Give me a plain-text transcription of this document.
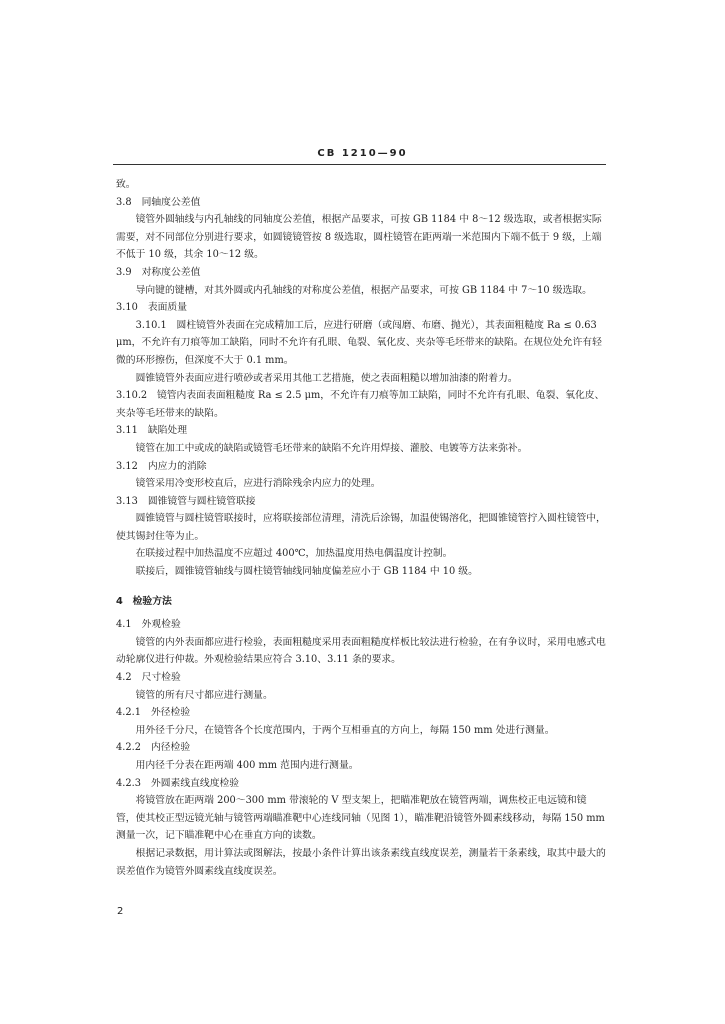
CB 1210—90

致。

3.8 同轴度公差值

镜管外圆轴线与内孔轴线的同轴度公差值，根据产品要求，可按 GB 1184 中 8～12 级选取，或者根据实际需要，对不同部位分别进行要求，如圆镜镜管按 8 级选取，圆柱镜管在距两端一米范围内下端不低于 9 级，上端不低于 10 级，其余 10～12 级。

3.9 对称度公差值

导向键的键槽，对其外圆或内孔轴线的对称度公差值，根据产品要求，可按 GB 1184 中 7～10 级选取。

3.10 表面质量

3.10.1　圆柱镜管外表面在完成精加工后，应进行研磨（或闯磨、布磨、抛光），其表面粗糙度 Ra ≤ 0.63 μm，不允许有刀痕等加工缺陷，同时不允许有孔眼、龟裂、氧化皮、夹杂等毛坯带来的缺陷。在规位处允许有轻微的环形擦伤，但深度不大于 0.1 mm。

圆锥镜管外表面应进行喷砂或者采用其他工艺措施，使之表面粗糙以增加油漆的附着力。

3.10.2　镜管内表面表面粗糙度 Ra ≤ 2.5 μm，不允许有刀痕等加工缺陷，同时不允许有孔眼、龟裂、氧化皮、夹杂等毛坯带来的缺陷。

3.11 缺陷处理

镜管在加工中或成的缺陷或镜管毛坯带来的缺陷不允许用焊接、灌胶、电镀等方法来弥补。

3.12 内应力的消除

镜管采用冷变形校直后，应进行消除残余内应力的处理。

3.13 圆锥镜管与圆柱镜管联接

圆锥镜管与圆柱镜管联接时，应将联接部位清理，清洗后涂锡，加温使锡溶化，把圆锥镜管拧入圆柱镜管中，使其锡封住等为止。

在联接过程中加热温度不应超过 400℃，加热温度用热电偶温度计控制。

联接后，圆锥镜管轴线与圆柱镜管轴线同轴度偏差应小于 GB 1184 中 10 级。

4　检验方法

4.1 外观检验

镜管的内外表面都应进行检验，表面粗糙度采用表面粗糙度样板比较法进行检验，在有争议时，采用电感式电动轮廓仪进行仲裁。外观检验结果应符合 3.10、3.11 条的要求。

4.2 尺寸检验

镜管的所有尺寸都应进行测量。

4.2.1 外径检验

用外径千分尺，在镜管各个长度范围内，于两个互相垂直的方向上，每隔 150 mm 处进行测量。

4.2.2 内径检验

用内径千分表在距两端 400 mm 范围内进行测量。

4.2.3 外圆素线直线度检验

将镜管放在距两端 200～300 mm 带滚轮的 V 型支架上，把瞄准靶放在镜管两端，调焦校正电远镜和镜管，使其校正型远镜光轴与镜管两端瞄准靶中心连线同轴（见图 1），瞄准靶沿镜管外圆素线移动，每隔 150 mm 测量一次，记下瞄准靶中心在垂直方向的读数。

根据记录数据，用计算法或图解法，按最小条件计算出该条素线直线度误差，测量若干条素线，取其中最大的误差值作为镜管外圆素线直线度误差。

2
